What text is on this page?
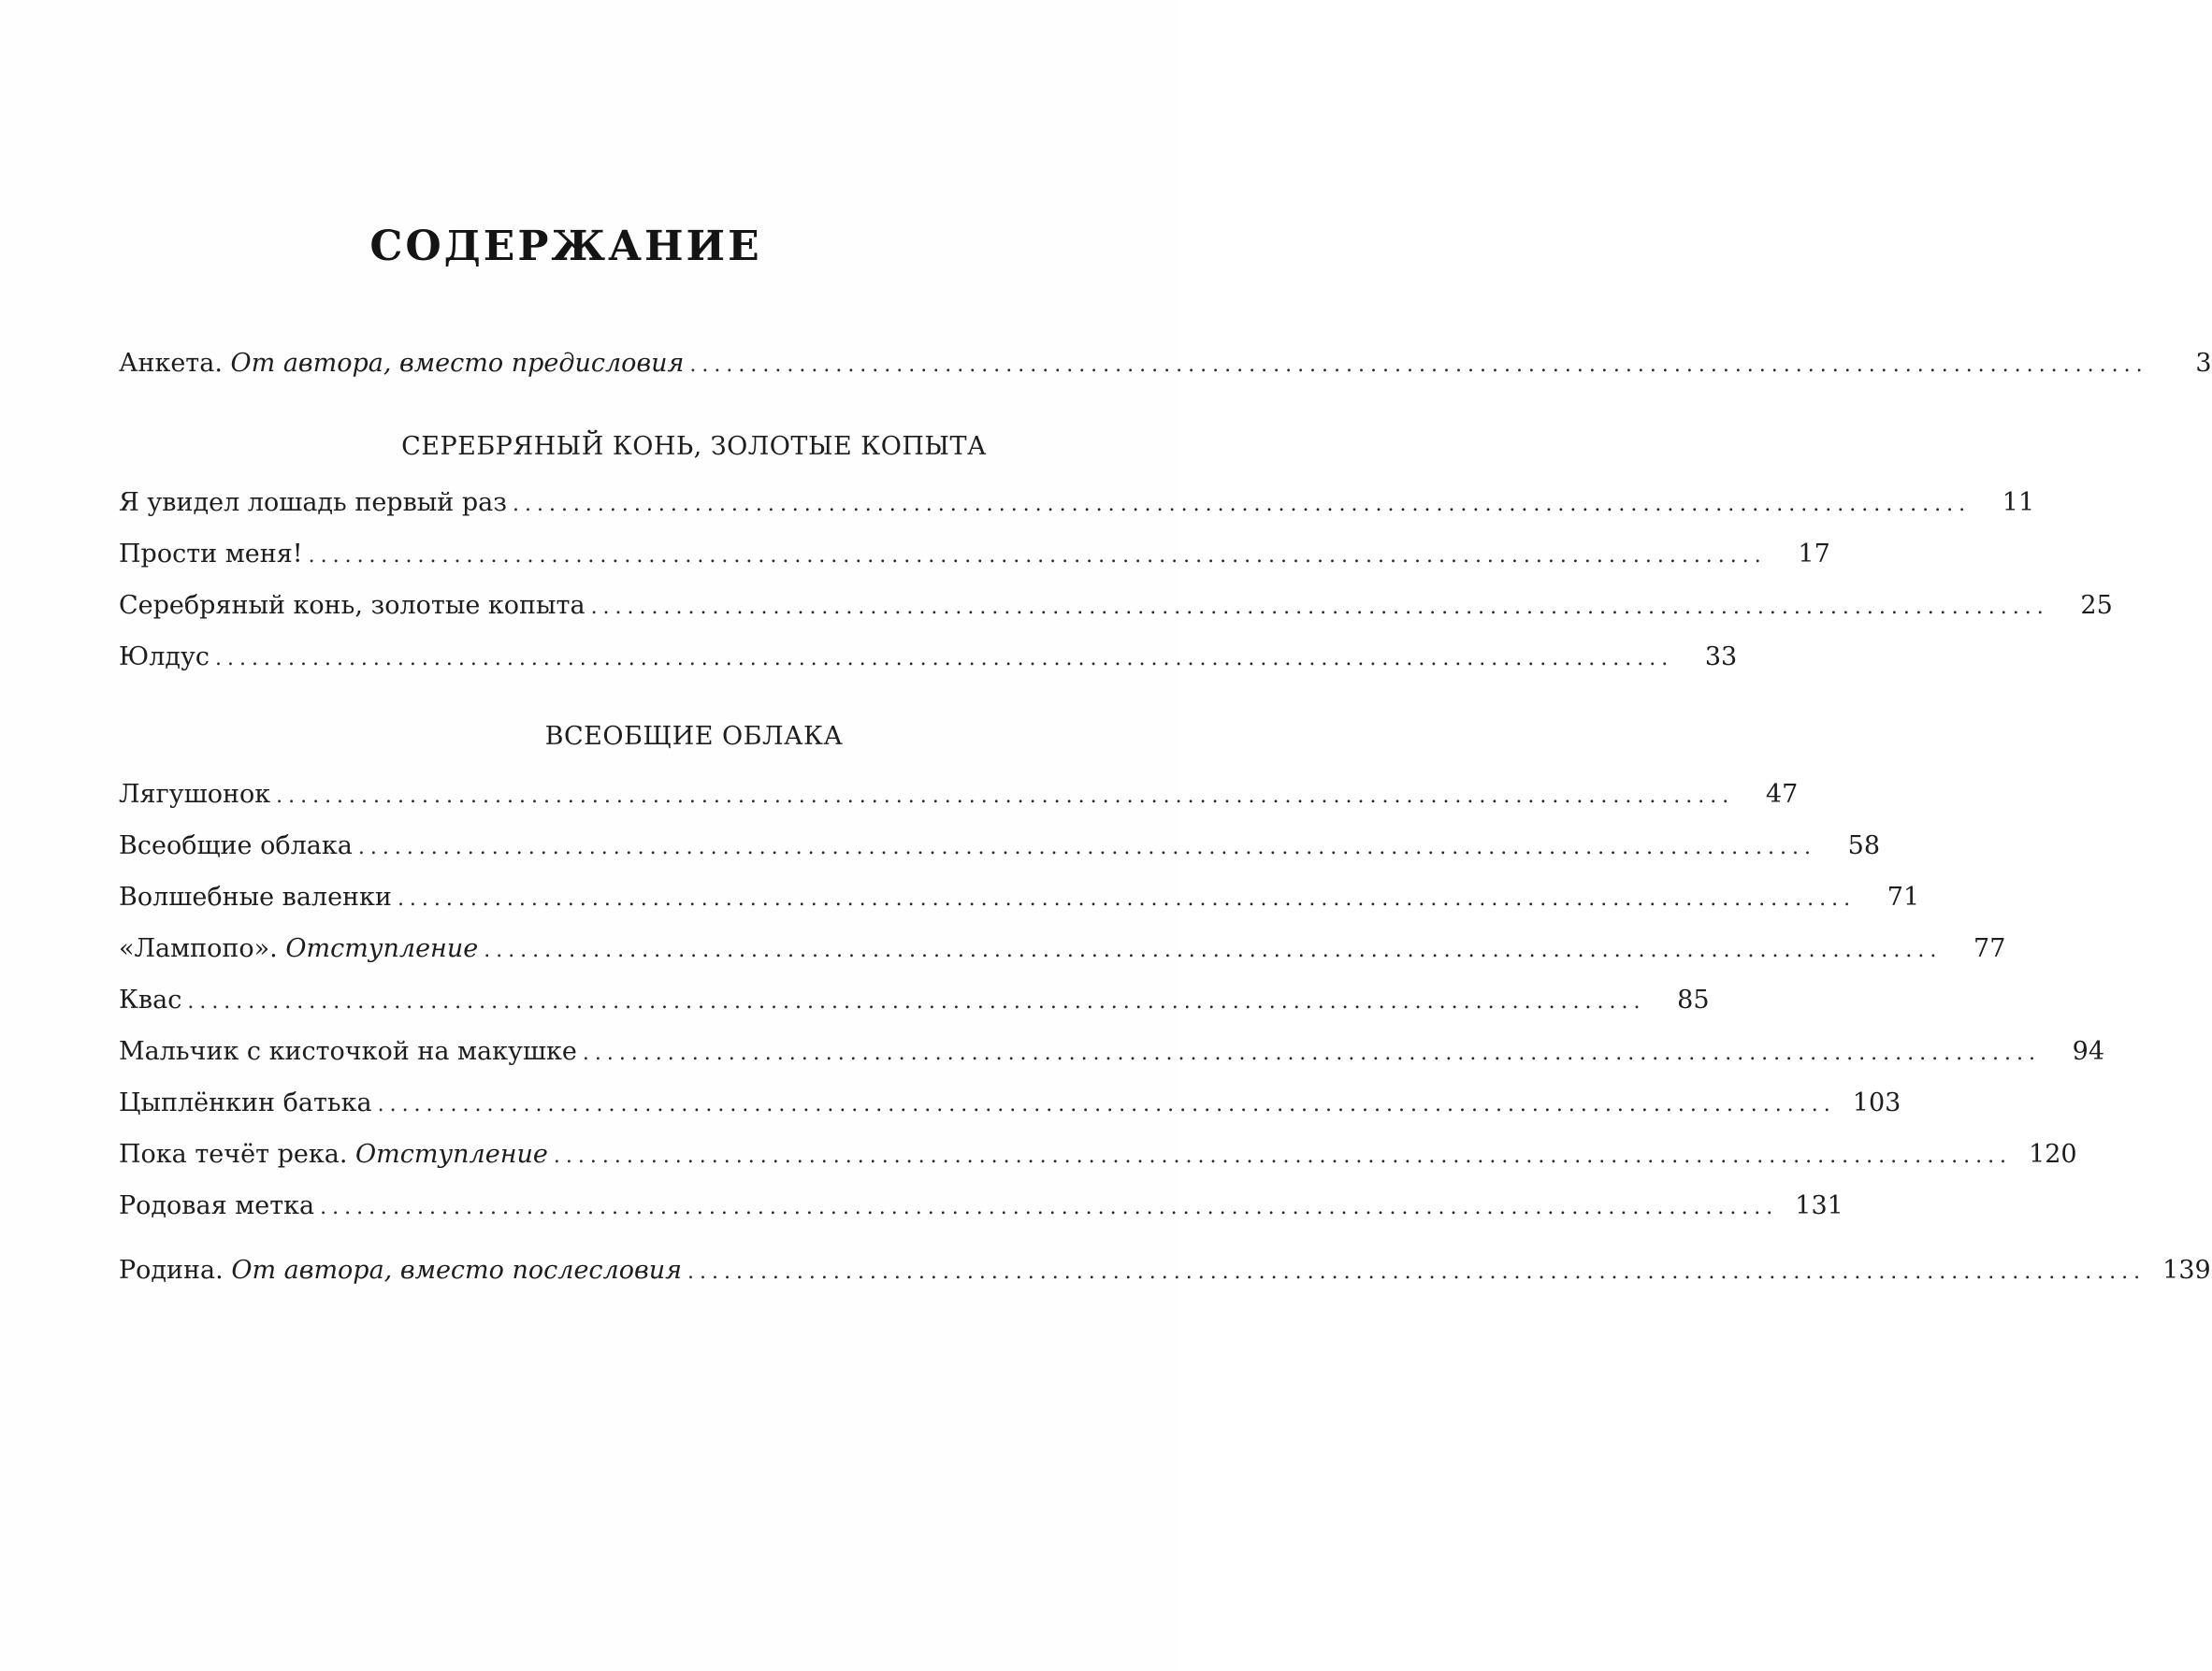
СОДЕРЖАНИЕ
Анкета. От автора, вместо предисловия ........................................................................................................................	3
СЕРЕБРЯНЫЙ КОНЬ, ЗОЛОТЫЕ КОПЫТА
Я увидел лошадь первый раз ........................................................................................................................	11
Прости меня! ........................................................................................................................	17
Серебряный конь, золотые копыта ........................................................................................................................	25
Юлдус ........................................................................................................................	33
ВСЕОБЩИЕ ОБЛАКА
Лягушонок ........................................................................................................................	47
Всеобщие облака ........................................................................................................................	58
Волшебные валенки ........................................................................................................................	71
«Лампопо». Отступление ........................................................................................................................	77
Квас ........................................................................................................................	85
Мальчик с кисточкой на макушке ........................................................................................................................	94
Цыплёнкин батька ........................................................................................................................ 103
Пока течёт река. Отступление ........................................................................................................................ 120
Родовая метка ........................................................................................................................ 131
Родина. От автора, вместо послесловия ........................................................................................................................ 139
